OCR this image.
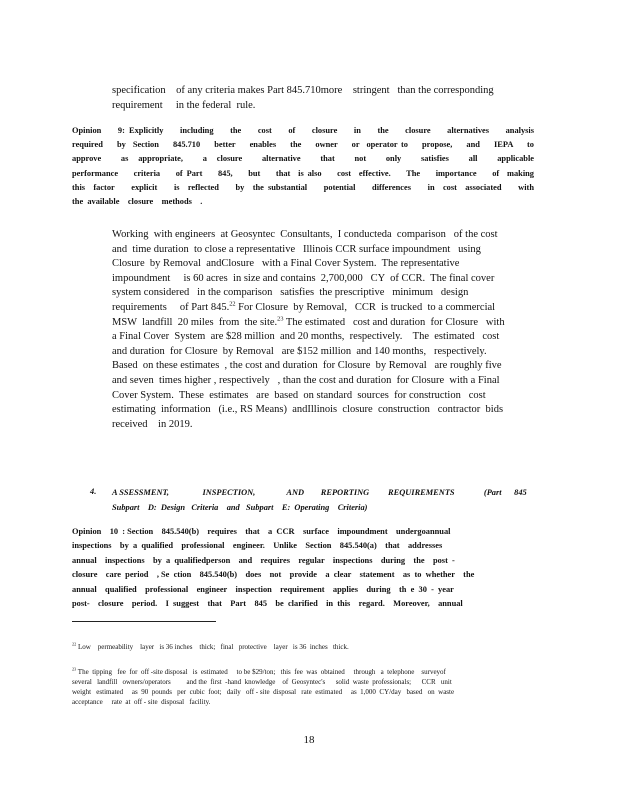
specification    of any criteria makes Part 845.710more    stringent   than the corresponding
requirement     in the federal  rule.
Opinion    9: Explicitly    including    the    cost    of    closure    in    the    closure    alternatives    analysis
required    by  Section    845.710    better    enables    the    owner    or  operator to    propose,    and    IEPA    to
approve    as  appropriate,    a  closure    alternative    that    not    only    satisfies    all    applicable
performance    criteria    of Part    845,    but    that  is also    cost  effective.    The    importance    of  making
this  factor    explicit    is  reflected    by  the substantial    potential    differences    in  cost  associated    with
the  available    closure    methods    .
Working  with engineers  at Geosyntec  Consultants,  I conducteda  comparison   of the cost
and  time duration  to close a representative   Illinois CCR surface impoundment   using
Closure  by Removal  andClosure   with a Final Cover System.  The representative
impoundment     is 60 acres  in size and contains  2,700,000   CY  of CCR.  The final cover
system considered   in the comparison   satisfies  the prescriptive   minimum   design
requirements     of Part 845.22 For Closure  by Removal,   CCR  is trucked  to a commercial
MSW  landfill  20 miles  from  the site.$^{23}$ The estimated   cost and duration  for Closure   with
a Final Cover  System  are $28 million  and 20 months,  respectively.    The  estimated   cost
and duration  for Closure  by Removal   are $152 million  and 140 months,   respectively.
Based  on these estimates  , the cost and duration  for Closure  by Removal   are roughly five
and seven  times higher , respectively   , than the cost and duration  for Closure  with a Final
Cover System.  These  estimates   are  based  on standard  sources  for construction   cost
estimating  information   (i.e., RS Means)  andIllinois  closure  construction   contractor  bids
received    in 2019.
4. A SSESSMENT,                INSPECTION,               AND        REPORTING         REQUIREMENTS              (Part      845
Subpart    D:  Design   Criteria    and   Subpart    E:  Operating    Criteria)
Opinion    10  : Section    845.540(b)    requires    that    a  CCR    surface    impoundment    undergoannual
inspections    by  a  qualified    professional    engineer.    Unlike    Section    845.540(a)    that    addresses
annual    inspections    by  a  qualifiedperson    and    requires    regular    inspections    during    the    post  -
closure    care  period    , Se  ction    845.540(b)    does    not    provide    a  clear    statement    as  to  whether    the
annual    qualified    professional    engineer    inspection    requirement    applies    during    th  e  30  -  year
post-    closure    period.    I  suggest    that    Part    845    be  clarified    in  this    regard.    Moreover,    annual
$^{22}$ Low    permeability    layer   is 36 inches    thick;   final   protective    layer   is 36  inches   thick.
$^{23}$ The  tipping   fee  for  off -site disposal   is  estimated     to be $29/ton;   this  fee  was  obtained     through   a  telephone    surveyof
several   landfill   owners/operators         and the  first  -hand  knowledge    of  Geosyntec's      solid  waste  professionals;      CCR   unit
weight   estimated     as  90  pounds   per  cubic  foot;   daily   off - site  disposal   rate  estimated     as  1,000  CY/day   based   on  waste
acceptance     rate  at  off - site  disposal   facility.
18
